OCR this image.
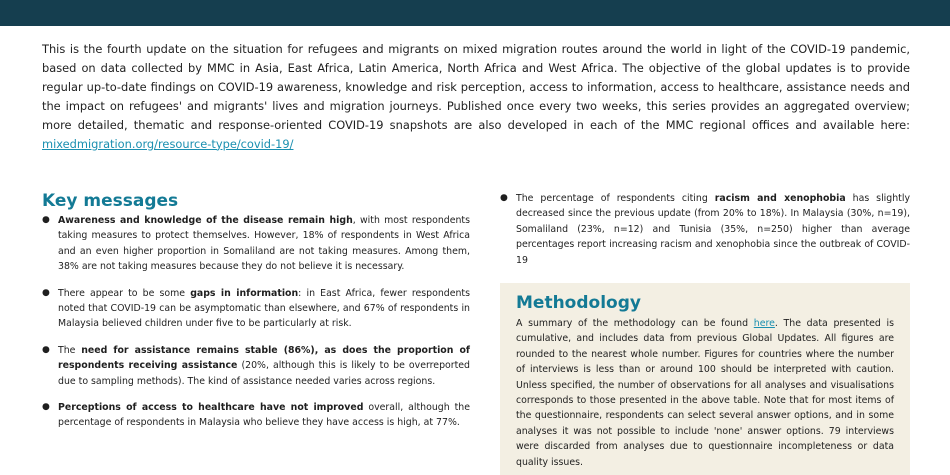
This is the fourth update on the situation for refugees and migrants on mixed migration routes around the world in light of the COVID-19 pandemic, based on data collected by MMC in Asia, East Africa, Latin America, North Africa and West Africa. The objective of the global updates is to provide regular up-to-date findings on COVID-19 awareness, knowledge and risk perception, access to information, access to healthcare, assistance needs and the impact on refugees' and migrants' lives and migration journeys. Published once every two weeks, this series provides an aggregated overview; more detailed, thematic and response-oriented COVID-19 snapshots are also developed in each of the MMC regional offices and available here: mixedmigration.org/resource-type/covid-19/

Key messages
● Awareness and knowledge of the disease remain high, with most respondents taking measures to protect themselves. However, 18% of respondents in West Africa and an even higher proportion in Somaliland are not taking measures. Among them, 38% are not taking measures because they do not believe it is necessary.
● There appear to be some gaps in information: in East Africa, fewer respondents noted that COVID-19 can be asymptomatic than elsewhere, and 67% of respondents in Malaysia believed children under five to be particularly at risk.
● The need for assistance remains stable (86%), as does the proportion of respondents receiving assistance (20%, although this is likely to be overreported due to sampling methods). The kind of assistance needed varies across regions.
● Perceptions of access to healthcare have not improved overall, although the percentage of respondents in Malaysia who believe they have access is high, at 77%.
● The percentage of respondents citing racism and xenophobia has slightly decreased since the previous update (from 20% to 18%). In Malaysia (30%, n=19), Somaliland (23%, n=12) and Tunisia (35%, n=250) higher than average percentages report increasing racism and xenophobia since the outbreak of COVID-19
Methodology

A summary of the methodology can be found here. The data presented is cumulative, and includes data from previous Global Updates. All figures are rounded to the nearest whole number. Figures for countries where the number of interviews is less than or around 100 should be interpreted with caution. Unless specified, the number of observations for all analyses and visualisations corresponds to those presented in the above table. Note that for most items of the questionnaire, respondents can select several answer options, and in some analyses it was not possible to include 'none' answer options. 79 interviews were discarded from analyses due to questionnaire incompleteness or data quality issues.
